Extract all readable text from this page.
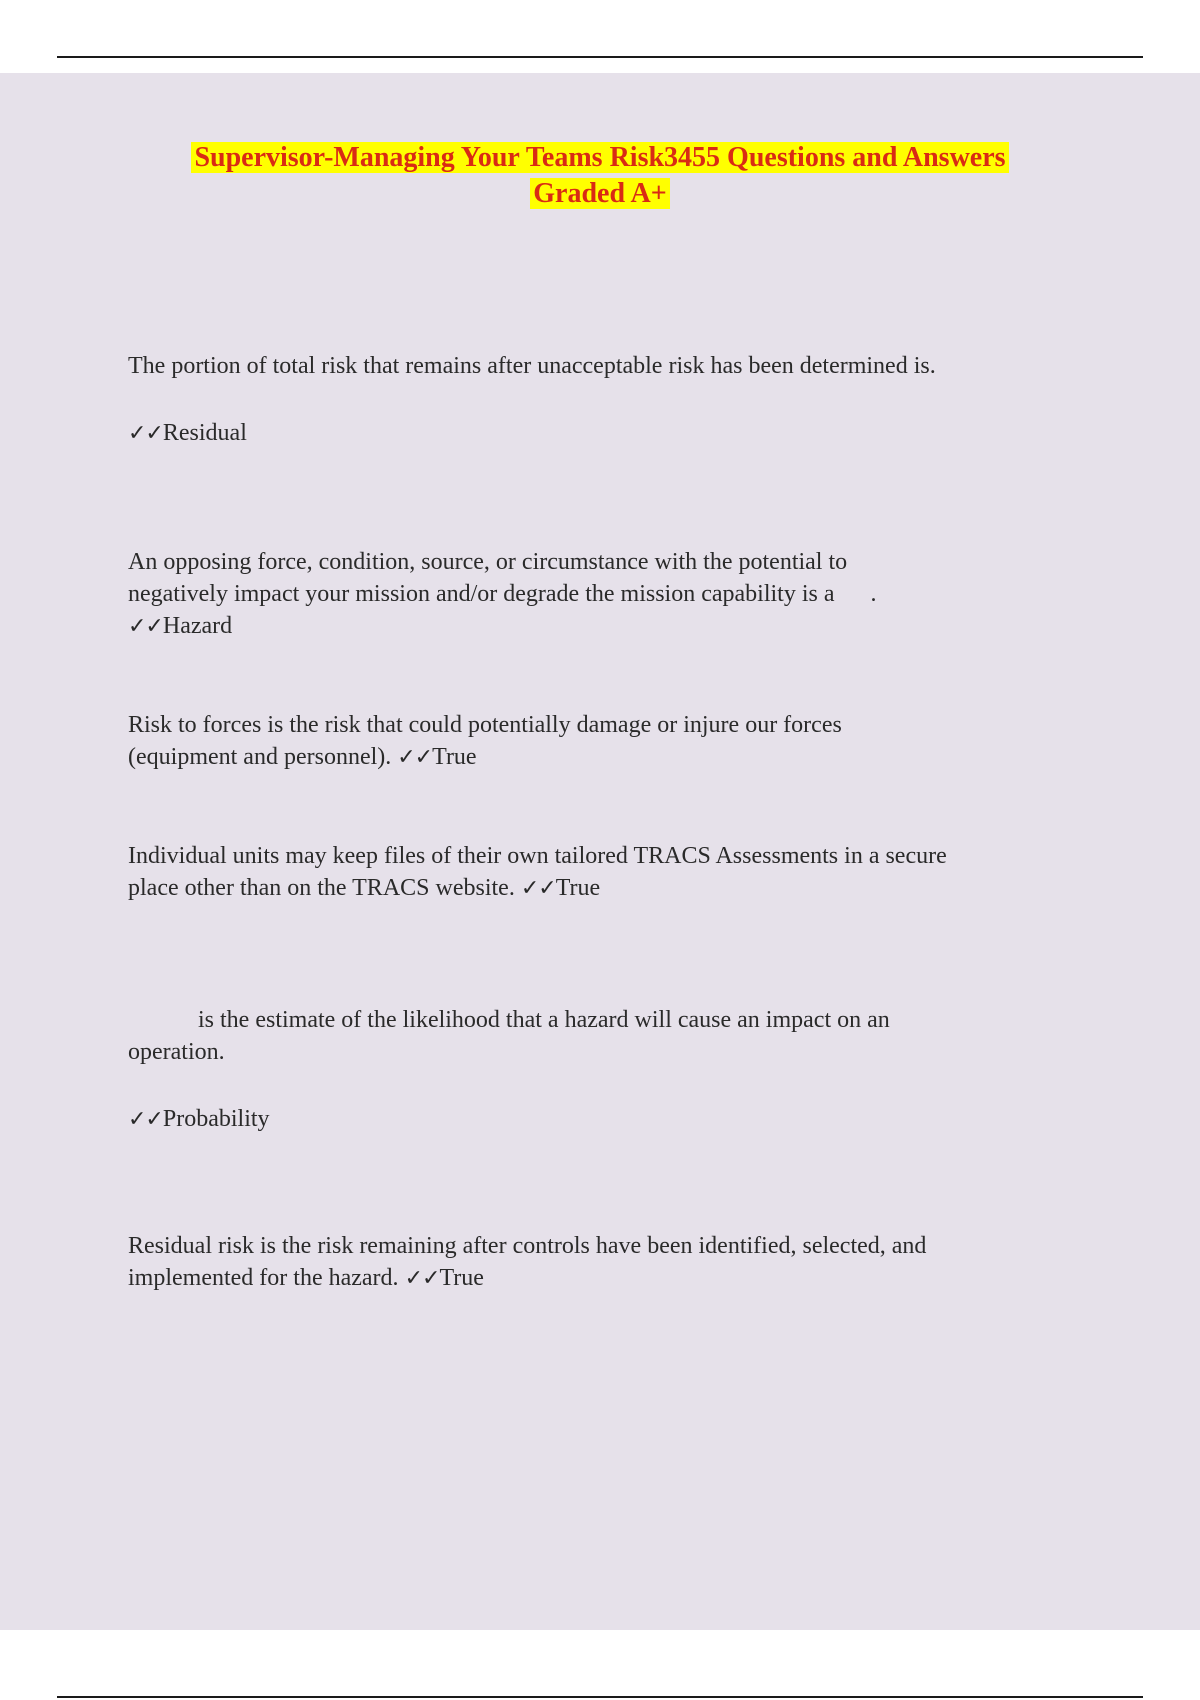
Supervisor-Managing Your Teams Risk3455 Questions and Answers
Graded A+

The portion of total risk that remains after unacceptable risk has been determined is.

✓✓Residual

An opposing force, condition, source, or circumstance with the potential to

negatively impact your mission and/or degrade the mission capability is a .

✓✓Hazard

Risk to forces is the risk that could potentially damage or injure our forces

(equipment and personnel). ✓✓True

Individual units may keep files of their own tailored TRACS Assessments in a secure

place other than on the TRACS website. ✓✓True

is the estimate of the likelihood that a hazard will cause an impact on an

operation.

✓✓Probability

Residual risk is the risk remaining after controls have been identified, selected, and

implemented for the hazard. ✓✓True
